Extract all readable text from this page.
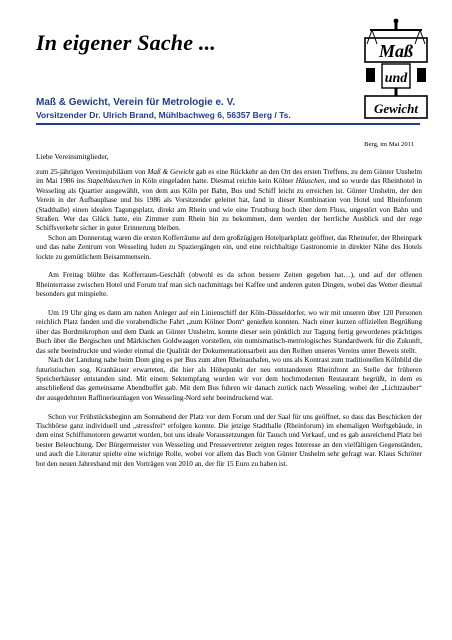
In eigener Sache ...	Maß
und
Gewicht
Maß & Gewicht, Verein für Metrologie e. V.
Vorsitzender Dr. Ulrich Brand, Mühlbachweg 6, 56357 Berg / Ts.
Berg, im Mai 2011
Liebe Vereinsmitglieder,

zum 25-jährigen Vereinsjubiläum von Maß & Gewicht gab es eine Rückkehr an den Ort des ersten Treffens, zu dem Günter Unshelm im Mai 1986 ins Stapelhäuschen in Köln eingeladen hatte. Diesmal reichte kein Kölner Häuschen, und so wurde das Rheinhotel in Wesseling als Quartier ausgewählt, von dem aus Köln per Bahn, Bus und Schiff leicht zu erreichen ist. Günter Unshelm, der den Verein in der Aufbauphase und bis 1986 als Vorsitzender geleitet hat, fand in dieser Kombination von Hotel und Rheinforum (Stadthalle) einen idealen Tagungsplatz, direkt am Rhein und wie eine Trutzburg hoch über dem Fluss, ungestört von Bahn und Straßen. Wer das Glück hatte, ein Zimmer zum Rhein hin zu bekommen, dem werden der herrliche Ausblick und der rege Schiffsverkehr sicher in guter Erinnerung bleiben.

Schon am Donnerstag waren die ersten Kofferräume auf dem großzügigen Hotelparkplatz geöffnet, das Rheinufer, der Rheinpark und das nahe Zentrum von Wesseling luden zu Spaziergängen ein, und eine reichhaltige Gastronomie in direkter Nähe des Hotels lockte zu gemütlichem Beisammensein.

Am Freitag blühte das Kofferraum-Geschäft (obwohl es da schon bessere Zeiten gegeben hat…), und auf der offenen Rheinterrasse zwischen Hotel und Forum traf man sich nachmittags bei Kaffee und anderen guten Dingen, wobei das Wetter diesmal besonders gut mitspielte.

Um 19 Uhr ging es dann am nahen Anleger auf ein Linienschiff der Köln-Düsseldorfer, wo wir mit unseren über 120 Personen reichlich Platz fanden und die vorabendliche Fahrt „zum Kölner Dom“ genießen konnten. Nach einer kurzen offiziellen Begrüßung über das Bordmikrophon und dem Dank an Günter Unshelm, konnte dieser sein pünktlich zur Tagung fertig gewordenes prächtiges Buch über die Bergischen und Märkischen Goldwaagen vorstellen, ein numismatisch-metrologisches Standardwerk für die Zukunft, das sehr beeindruckte und wieder einmal die Qualität der Dokumentationsarbeit aus den Reihen unseres Vereins unter Beweis stellt.

Nach der Landung nahe beim Dom ging es per Bus zum alten Rheinauhafen, wo uns als Kontrast zum traditionellen Kölnbild die futuristischen sog. Kranhäuser erwarteten, die hier als Höhepunkt der neu entstandenen Rheinfront an Stelle der früheren Speicherhäuser entstanden sind. Mit einem Sektempfang wurden wir vor dem hochmodernen Restaurant begrüßt, in dem es anschließend das gemeinsame Abendbuffet gab. Mit dem Bus fuhren wir danach zurück nach Wesseling, wobei der „Lichtzauber“ der ausgedehnten Raffinerieanlagen von Wesseling-Nord sehr beeindruckend war.

Schon vor Frühstücksbeginn am Sonnabend der Platz vor dem Forum und der Saal für uns geöffnet, so dass das Beschicken der Tischbörse ganz individuell und „stressfrei“ erfolgen konnte. Die jetzige Stadthalle (Rheinforum) im ehemaligen Werftgebäude, in dem einst Schiffsmotoren gewartet wurden, bot uns ideale Voraussetzungen für Tausch und Verkauf, und es gab ausreichend Platz bei bester Beleuchtung. Der Bürgermeister von Wesseling und Pressevertreter zeigten reges Interesse an den vielfältigen Gegenständen, und auch die Literatur spielte eine wichtige Rolle, wobei vor allem das Buch von Günter Unshelm sehr gefragt war. Klaus Schröter bot den neuen Jahresband mit den Vorträgen von 2010 an, der für 15 Euro zu haben ist.
